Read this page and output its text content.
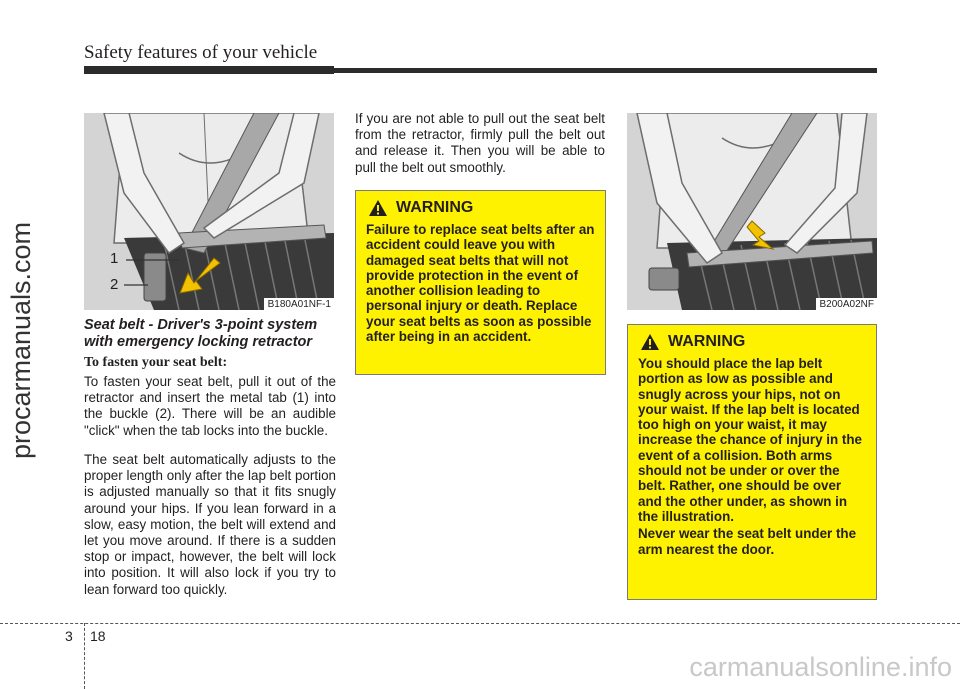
Safety features of your vehicle
procarmanuals.com	1
2
B180A01NF-1	B200A02NF
Seat belt - Driver's 3-point system with emergency locking retractor
To fasten your seat belt:
To fasten your seat belt, pull it out of the retractor and insert the metal tab (1) into the buckle (2). There will be an audible "click" when the tab locks into the buckle.
The seat belt automatically adjusts to the proper length only after the lap belt portion is adjusted manually so that it fits snugly around your hips. If you lean forward in a slow, easy motion, the belt will extend and let you move around. If there is a sudden stop or impact, however, the belt will lock into position. It will also lock if you try to lean forward too quickly.
If you are not able to pull out the seat belt from the retractor, firmly pull the belt out and release it. Then you will be able to pull the belt out smoothly.
WARNING
Failure to replace seat belts after an accident could leave you with damaged seat belts that will not provide protection in the event of another collision leading to personal injury or death. Replace your seat belts as soon as possible after being in an accident.	WARNING
You should place the lap belt portion as low as possible and snugly across your hips, not on your waist. If the lap belt is located too high on your waist, it may increase the chance of injury in the event of a collision. Both arms should not be under or over the belt. Rather, one should be over and the other under, as shown in the illustration.
Never wear the seat belt under the arm nearest the door.
3 18
carmanualsonline.info
